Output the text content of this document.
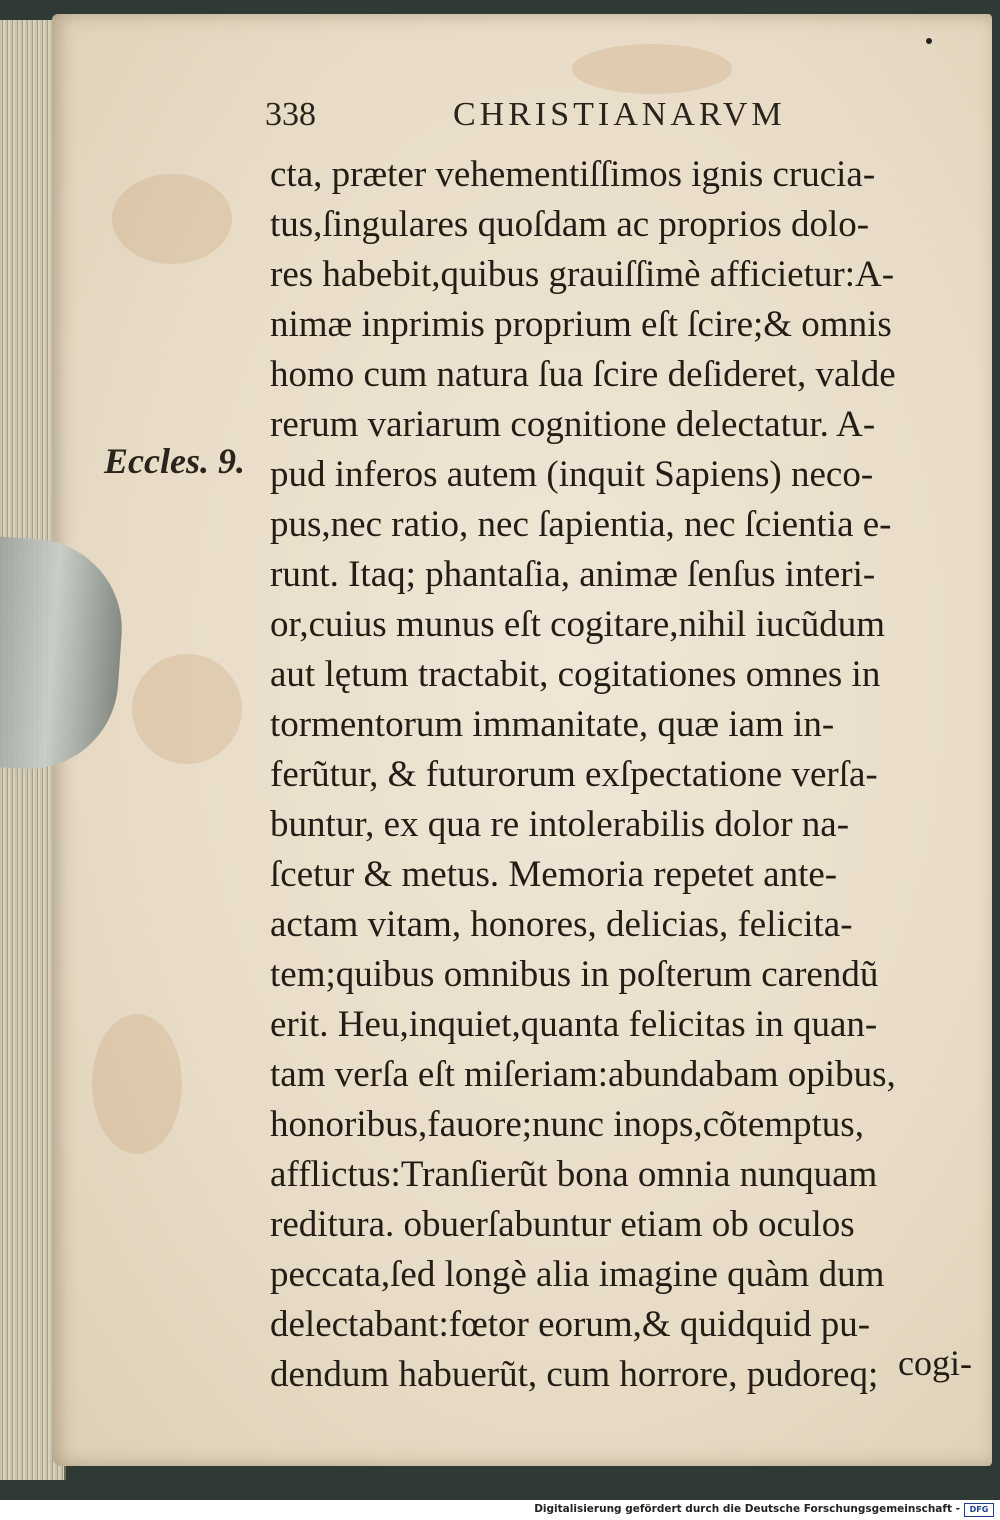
338	CHRISTIANARVM
Eccles. 9.
cta, prӕter vehementiſſimos ignis crucia-
tus,ſingulares quoſdam ac proprios dolo-
res habebit,quibus grauiſſimè afficietur:A-
nimӕ inprimis proprium eſt ſcire;& omnis
homo cum natura ſua ſcire deſideret, valde
rerum variarum cognitione delectatur. A-
pud inferos autem (inquit Sapiens) neco-
pus,nec ratio, nec ſapientia, nec ſcientia e-
runt. Itaq; phantaſia, animӕ ſenſus interi-
or,cuius munus eſt cogitare,nihil iucũdum
aut lętum tractabit, cogitationes omnes in
tormentorum immanitate, quӕ iam in-
ferũtur, & futurorum exſpectatione verſa-
buntur, ex qua re intolerabilis dolor na-
ſcetur & metus. Memoria repetet ante-
actam vitam, honores, delicias, felicita-
tem;quibus omnibus in poſterum carendũ
erit. Heu,inquiet,quanta felicitas in quan-
tam verſa eſt miſeriam:abundabam opibus,
honoribus,fauore;nunc inops,cõtemptus,
afflictus:Tranſierũt bona omnia nunquam
reditura. obuerſabuntur etiam ob oculos
peccata,ſed longè alia imagine quàm dum
delectabant:fœtor eorum,& quidquid pu-
dendum habuerũt, cum horrore, pudoreq; cogi-
Digitalisierung gefördert durch die Deutsche Forschungsgemeinschaft -	DFG
